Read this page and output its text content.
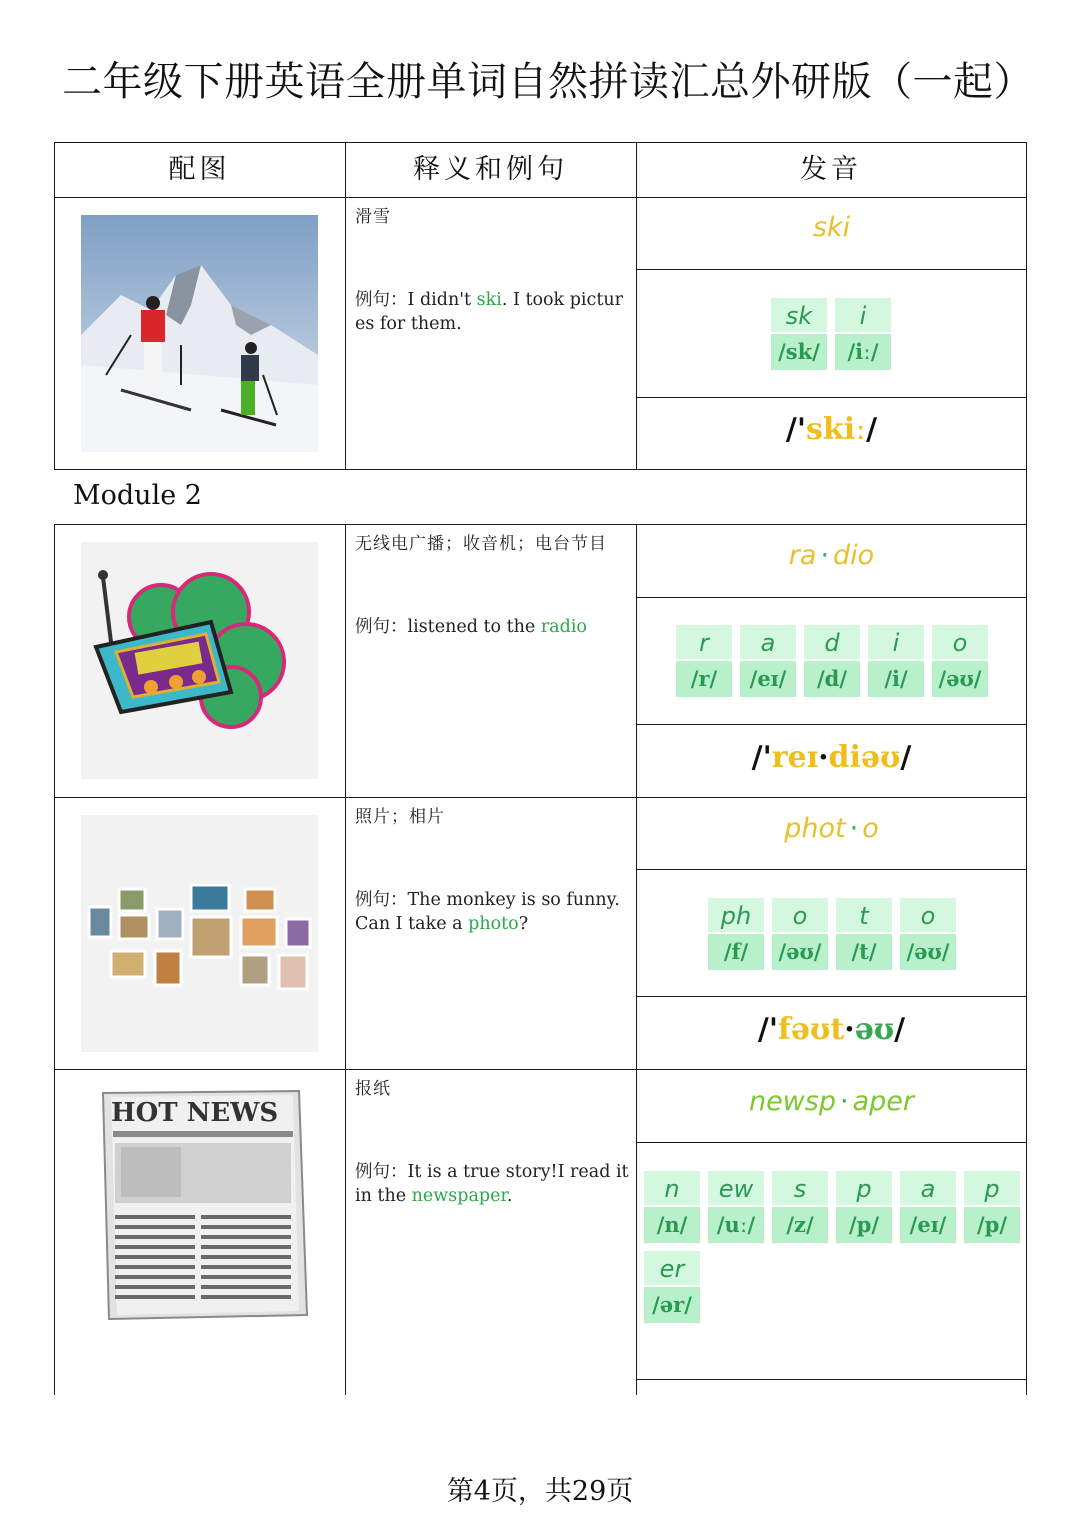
二年级下册英语全册单词自然拼读汇总外研版（一起）
配图	释义和例句	发音
滑雪
例句：I didn't ski. I took pictures for them.
ski
sk
/sk/
i
/iː/
/'skiː/
Module 2
无线电广播；收音机；电台节目
例句：listened to the radio
ra · dio
r
/r/
a
/eɪ/
d
/d/
i
/i/
o
/əʊ/
/'reɪ·diəʊ/
照片；相片
例句：The monkey is so funny. Can I take a photo?
phot · o
ph
/f/
o
/əʊ/
t
/t/
o
/əʊ/
/'fəʊt·əʊ/
HOT NEWS
报纸
例句：It is a true story!I read it in the newspaper.
newsp · aper
n
/n/
ew
/uː/
s
/z/
p
/p/
a
/eɪ/
p
/p/
er
/ər/
第4页，共29页
